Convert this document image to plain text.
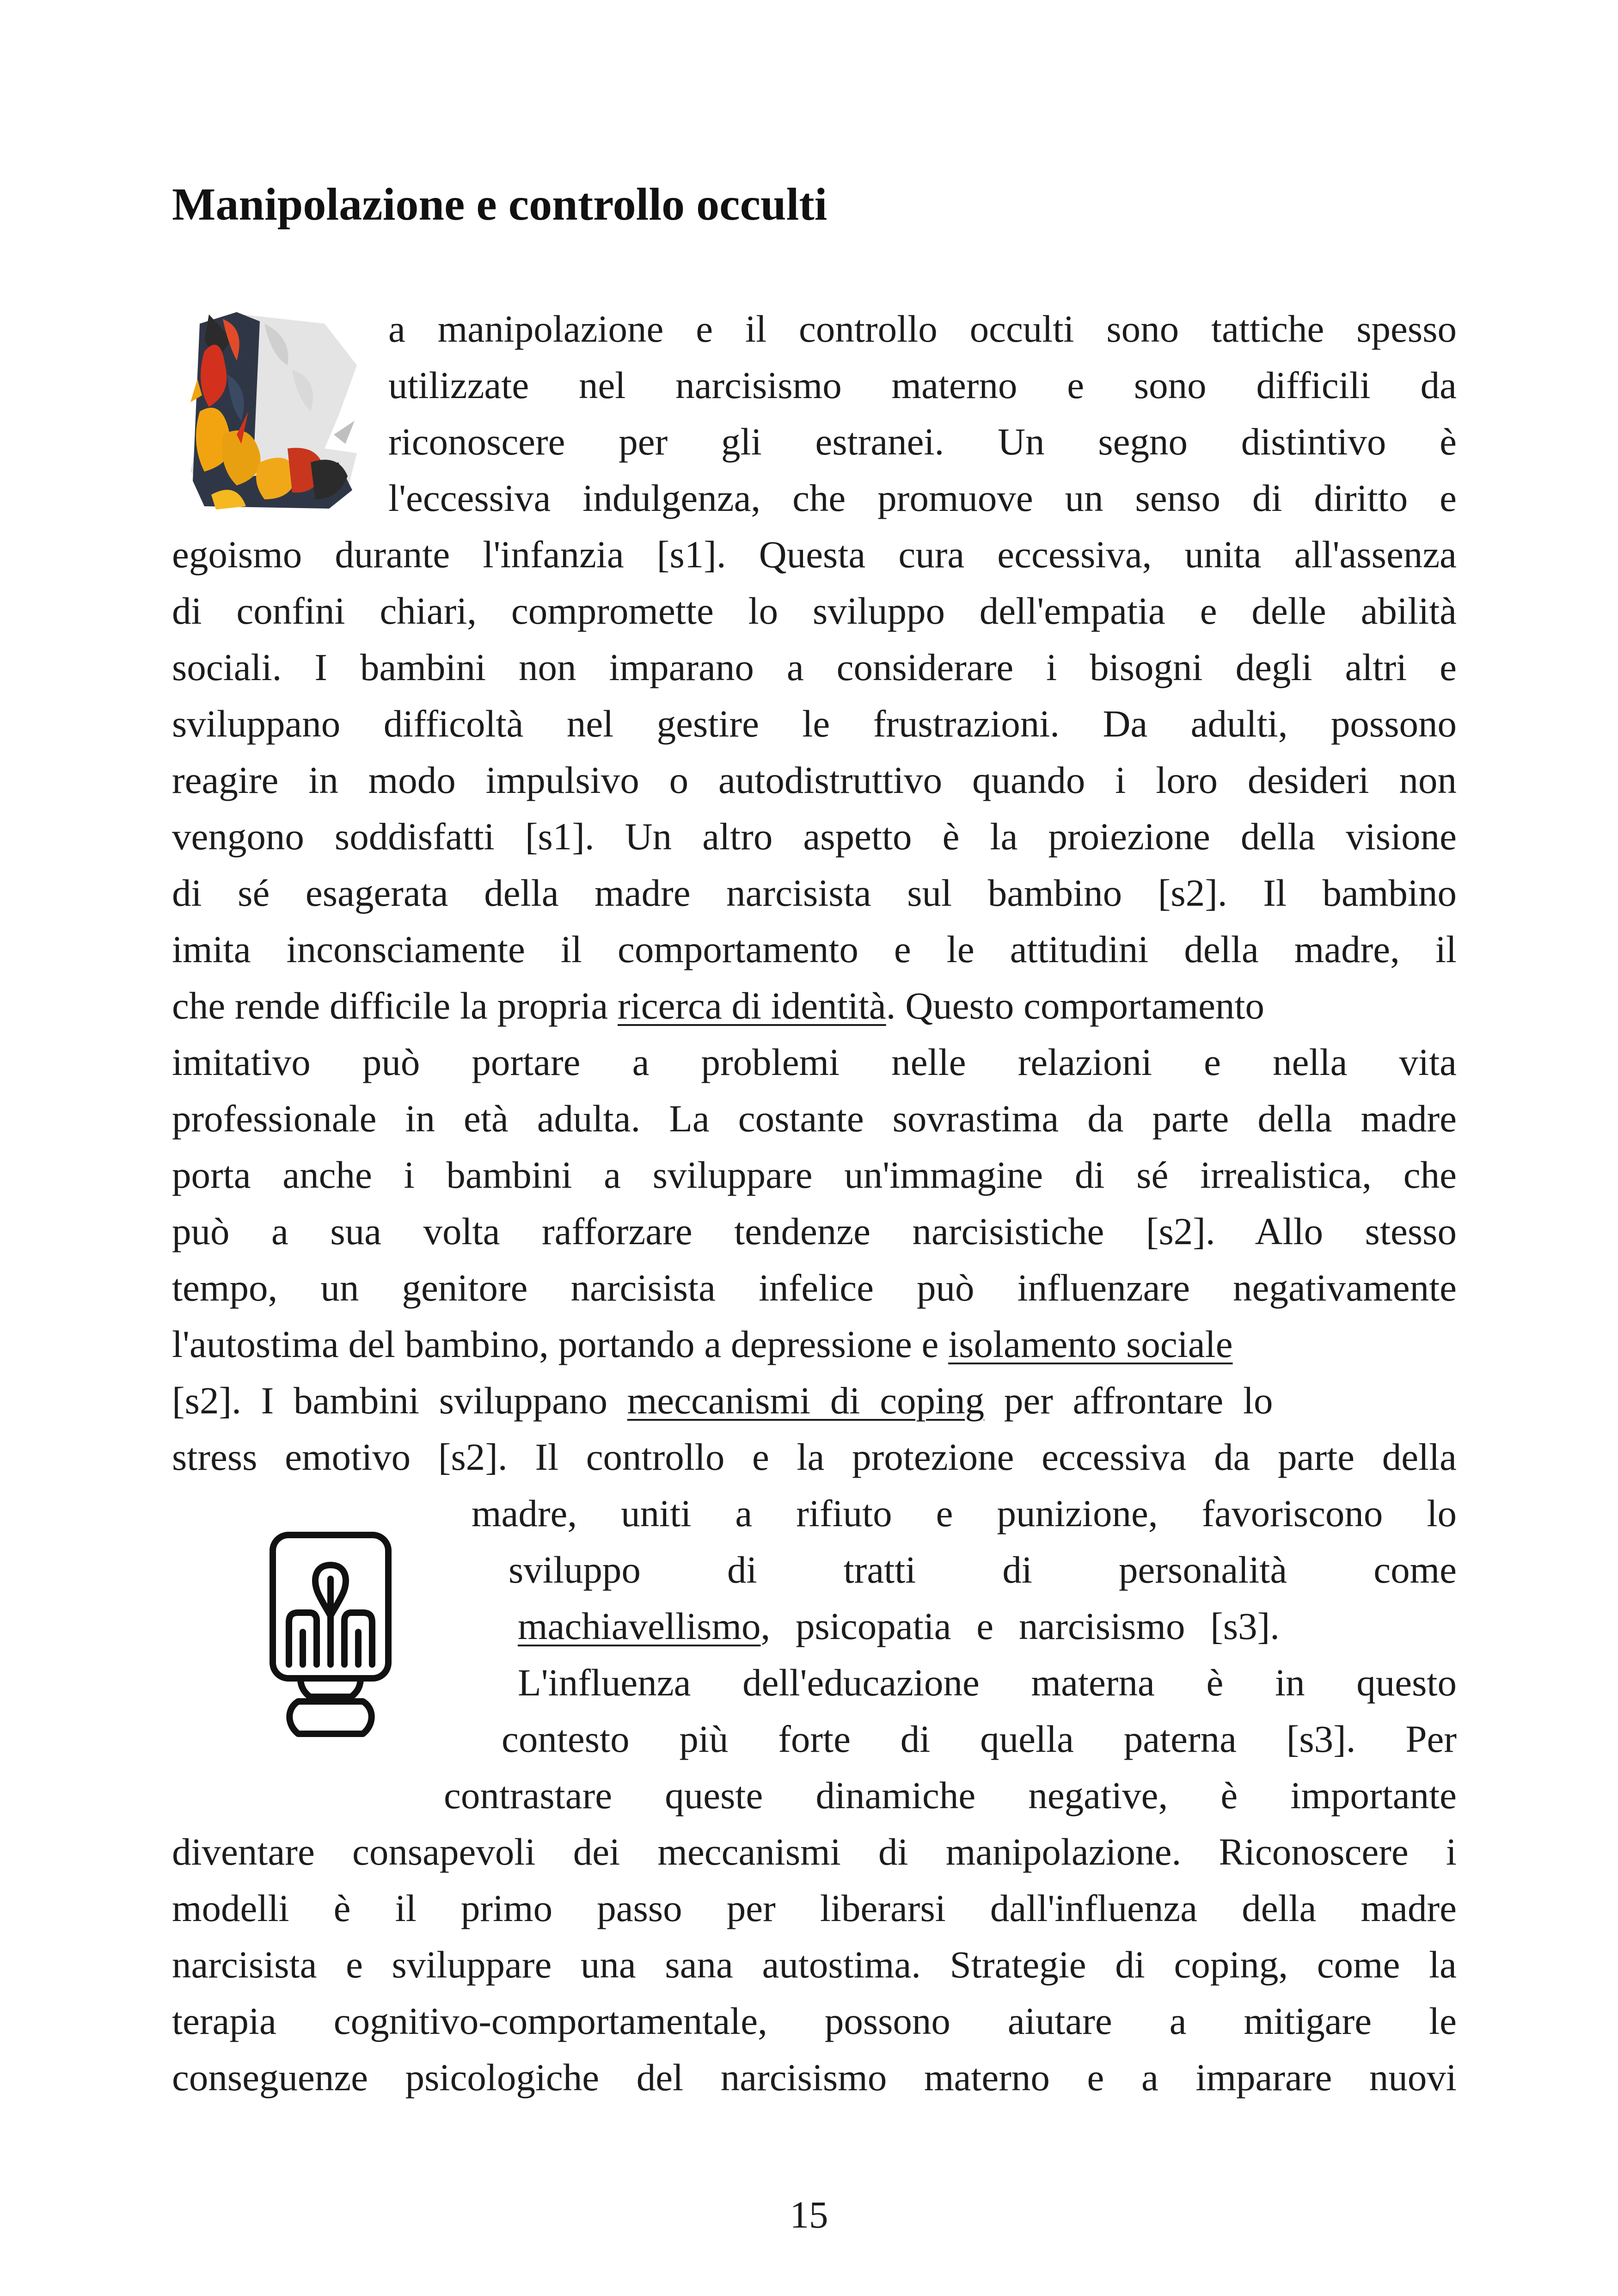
Manipolazione e controllo occulti
a manipolazione e il controllo occulti sono tattiche spesso
utilizzate nel narcisismo materno e sono difficili da
riconoscere per gli estranei. Un segno distintivo è
l'eccessiva indulgenza, che promuove un senso di diritto e
egoismo durante l'infanzia [s1]. Questa cura eccessiva, unita all'assenza
di confini chiari, compromette lo sviluppo dell'empatia e delle abilità
sociali. I bambini non imparano a considerare i bisogni degli altri e
sviluppano difficoltà nel gestire le frustrazioni. Da adulti, possono
reagire in modo impulsivo o autodistruttivo quando i loro desideri non
vengono soddisfatti [s1]. Un altro aspetto è la proiezione della visione
di sé esagerata della madre narcisista sul bambino [s2]. Il bambino
imita inconsciamente il comportamento e le attitudini della madre, il
che rende difficile la propria ricerca di identità. Questo comportamento
imitativo può portare a problemi nelle relazioni e nella vita
professionale in età adulta. La costante sovrastima da parte della madre
porta anche i bambini a sviluppare un'immagine di sé irrealistica, che
può a sua volta rafforzare tendenze narcisistiche [s2]. Allo stesso
tempo, un genitore narcisista infelice può influenzare negativamente
l'autostima del bambino, portando a depressione e isolamento sociale
[s2]. I bambini sviluppano meccanismi di coping per affrontare lo
stress emotivo [s2]. Il controllo e la protezione eccessiva da parte della
madre, uniti a rifiuto e punizione, favoriscono lo
sviluppo di tratti di personalità come
machiavellismo, psicopatia e narcisismo [s3].
L'influenza dell'educazione materna è in questo
contesto più forte di quella paterna [s3]. Per
contrastare queste dinamiche negative, è importante
diventare consapevoli dei meccanismi di manipolazione. Riconoscere i
modelli è il primo passo per liberarsi dall'influenza della madre
narcisista e sviluppare una sana autostima. Strategie di coping, come la
terapia cognitivo-comportamentale, possono aiutare a mitigare le
conseguenze psicologiche del narcisismo materno e a imparare nuovi
15
